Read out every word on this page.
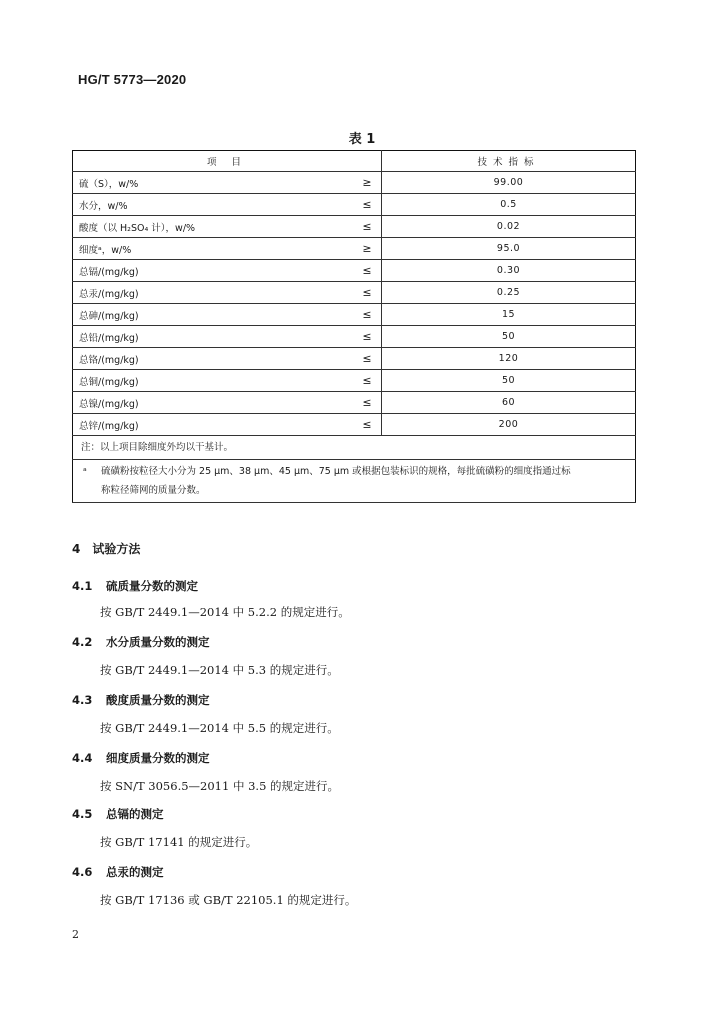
HG/T 5773—2020
表 1
项 目		技术指标
硫（S），w/%	≥	99.00
水分，w/%	≤	0.5
酸度（以 H₂SO₄ 计），w/%	≤	0.02
细度ᵃ，w/%	≥	95.0
总镉/(mg/kg)	≤	0.30
总汞/(mg/kg)	≤	0.25
总砷/(mg/kg)	≤	15
总铅/(mg/kg)	≤	50
总铬/(mg/kg)	≤	120
总铜/(mg/kg)	≤	50
总镍/(mg/kg)	≤	60
总锌/(mg/kg)	≤	200
注：以上项目除细度外均以干基计。		
ᵃ 硫磺粉按粒径大小分为 25 μm、38 μm、45 μm、75 μm 或根据包装标识的规格，每批硫磺粉的细度指通过标
称粒径筛网的质量分数。		
4　试验方法
4.1 硫质量分数的测定
按 GB/T 2449.1—2014 中 5.2.2 的规定进行。
4.2 水分质量分数的测定
按 GB/T 2449.1—2014 中 5.3 的规定进行。
4.3 酸度质量分数的测定
按 GB/T 2449.1—2014 中 5.5 的规定进行。
4.4 细度质量分数的测定
按 SN/T 3056.5—2011 中 3.5 的规定进行。
4.5 总镉的测定
按 GB/T 17141 的规定进行。
4.6 总汞的测定
按 GB/T 17136 或 GB/T 22105.1 的规定进行。
2
